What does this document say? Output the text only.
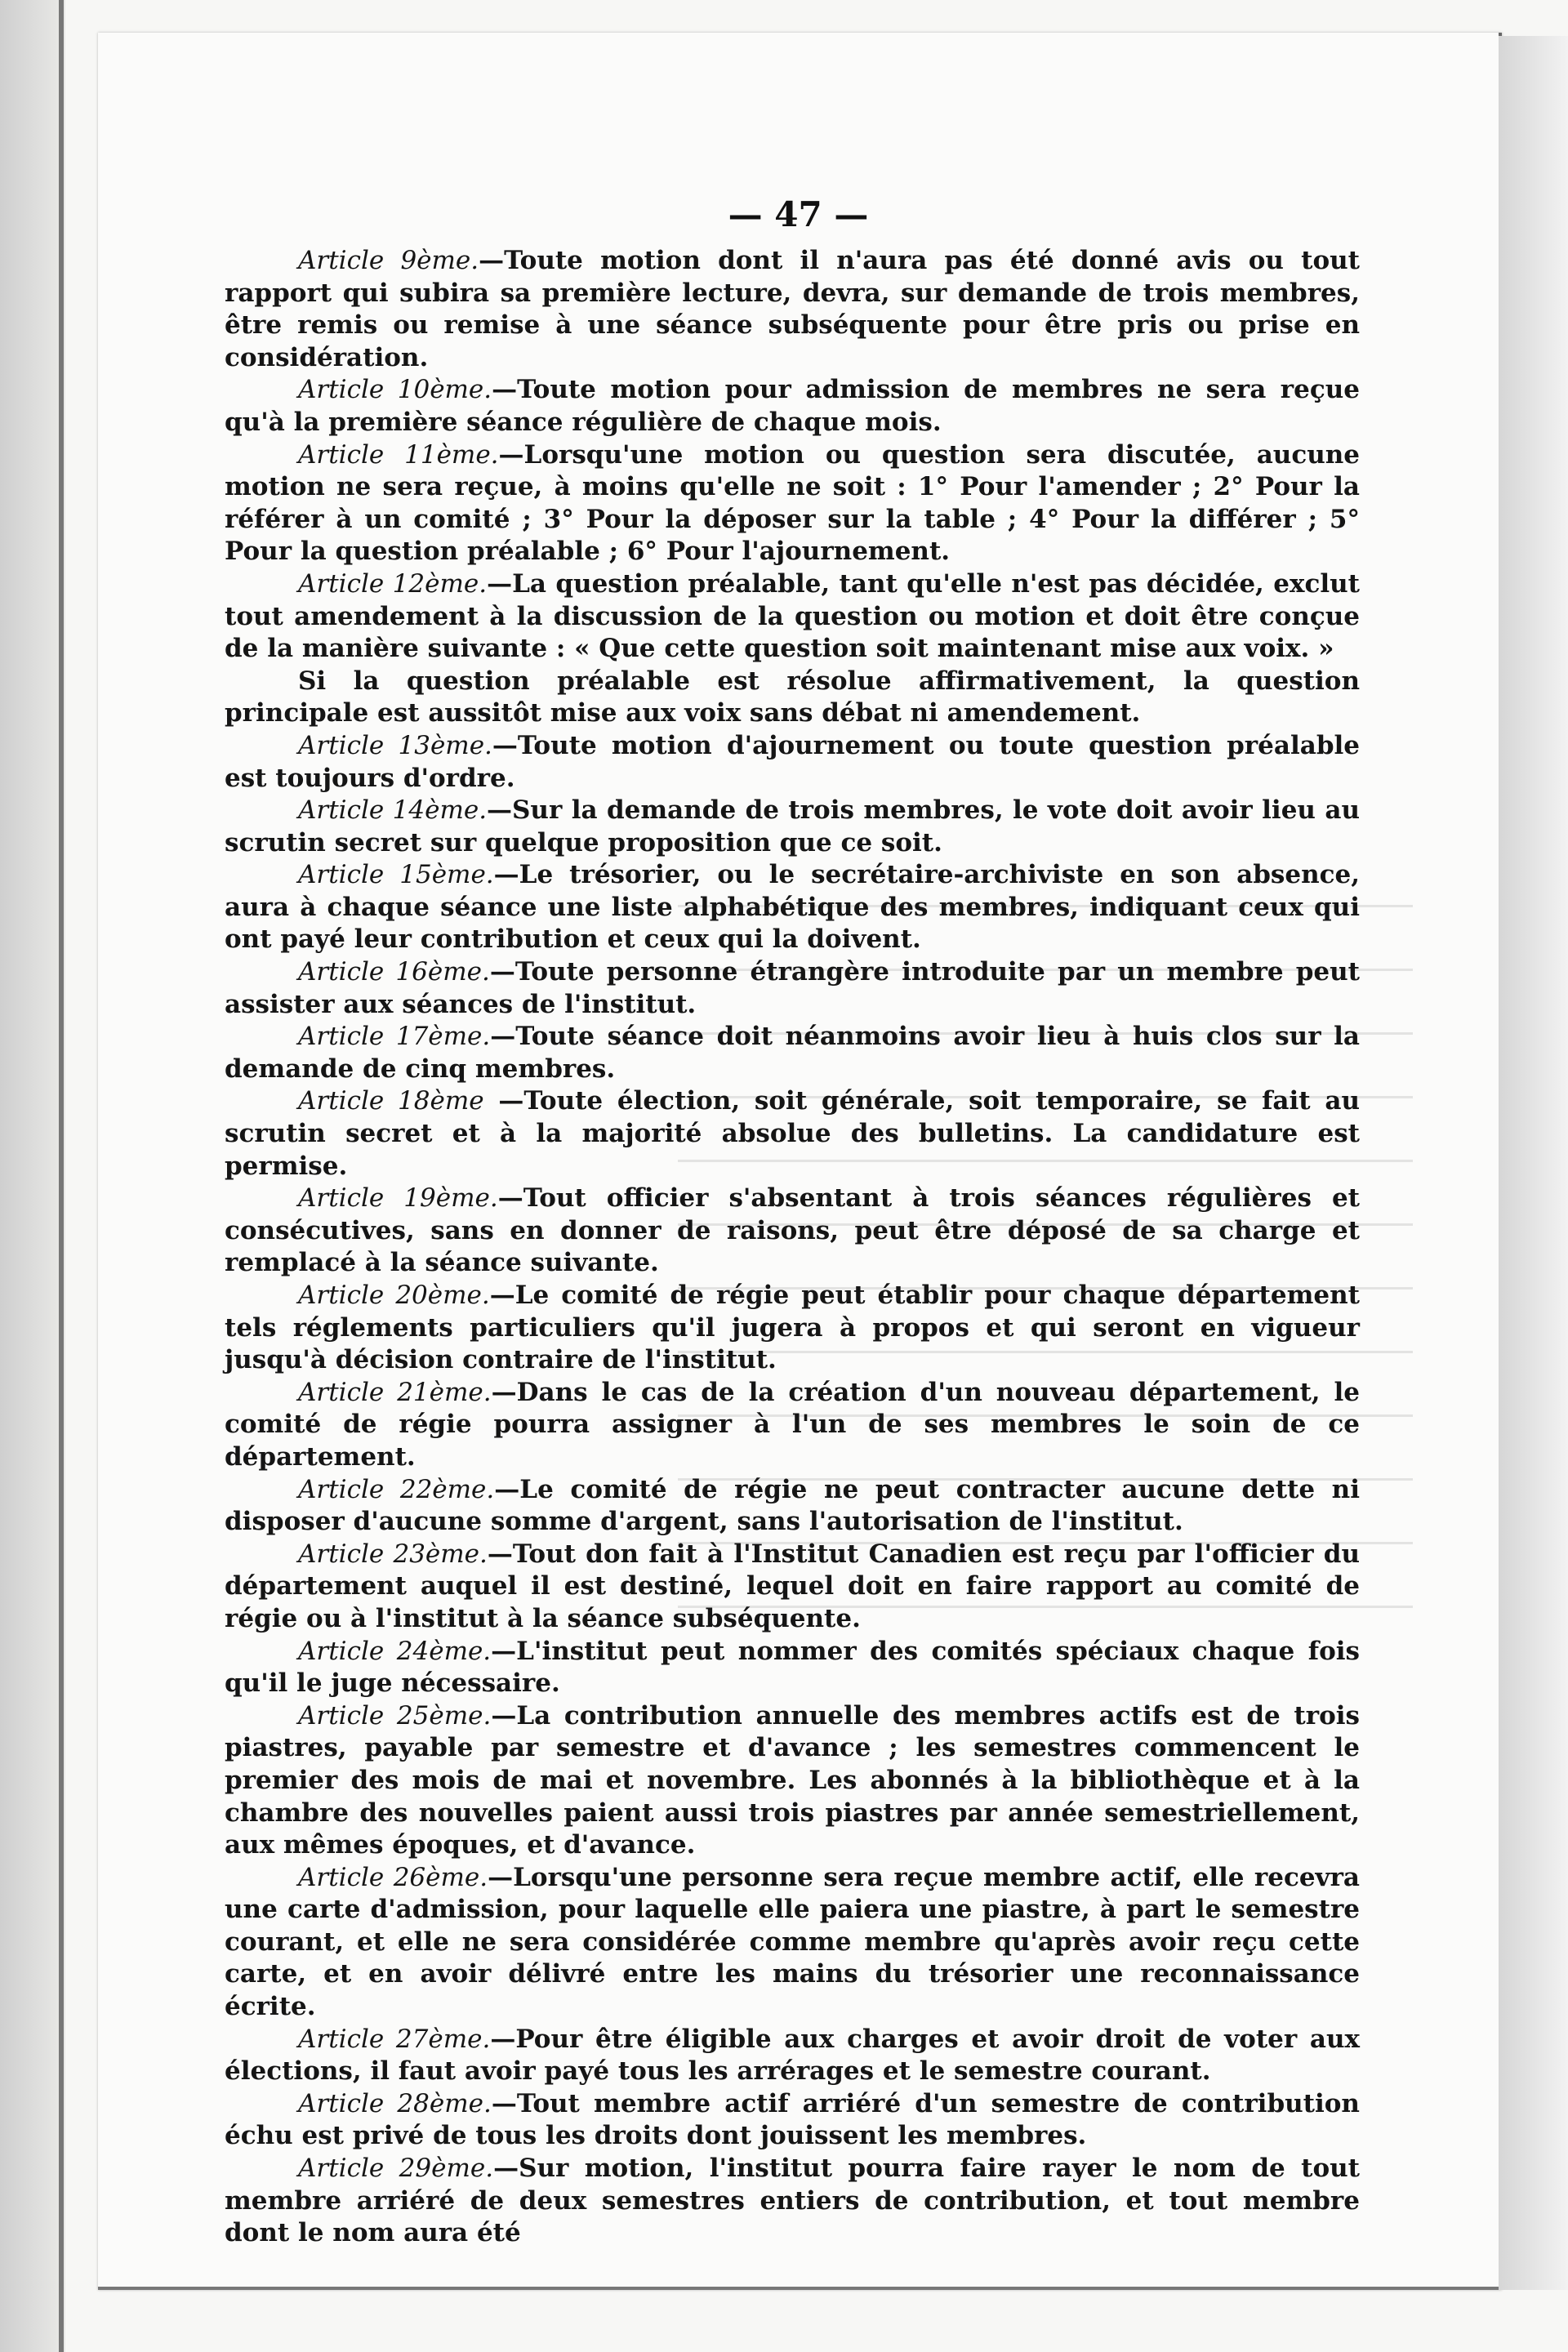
— 47 —

Article 9ème.—Toute motion dont il n'aura pas été donné avis ou tout rapport qui subira sa première lecture, devra, sur demande de trois membres, être remis ou remise à une séance subséquente pour être pris ou prise en considération.

Article 10ème.—Toute motion pour admission de membres ne sera reçue qu'à la première séance régulière de chaque mois.

Article 11ème.—Lorsqu'une motion ou question sera discutée, aucune motion ne sera reçue, à moins qu'elle ne soit : 1° Pour l'amender ; 2° Pour la référer à un comité ; 3° Pour la déposer sur la table ; 4° Pour la différer ; 5° Pour la question préalable ; 6° Pour l'ajournement.

Article 12ème.—La question préalable, tant qu'elle n'est pas décidée, exclut tout amendement à la discussion de la question ou motion et doit être conçue de la manière suivante : « Que cette question soit maintenant mise aux voix. »

Si la question préalable est résolue affirmativement, la question principale est aussitôt mise aux voix sans débat ni amendement.

Article 13ème.—Toute motion d'ajournement ou toute question préalable est toujours d'ordre.

Article 14ème.—Sur la demande de trois membres, le vote doit avoir lieu au scrutin secret sur quelque proposition que ce soit.

Article 15ème.—Le trésorier, ou le secrétaire-archiviste en son absence, aura à chaque séance une liste alphabétique des membres, indiquant ceux qui ont payé leur contribution et ceux qui la doivent.

Article 16ème.—Toute personne étrangère introduite par un membre peut assister aux séances de l'institut.

Article 17ème.—Toute séance doit néanmoins avoir lieu à huis clos sur la demande de cinq membres.

Article 18ème —Toute élection, soit générale, soit temporaire, se fait au scrutin secret et à la majorité absolue des bulletins. La candidature est permise.

Article 19ème.—Tout officier s'absentant à trois séances régulières et consécutives, sans en donner de raisons, peut être déposé de sa charge et remplacé à la séance suivante.

Article 20ème.—Le comité de régie peut établir pour chaque département tels réglements particuliers qu'il jugera à propos et qui seront en vigueur jusqu'à décision contraire de l'institut.

Article 21ème.—Dans le cas de la création d'un nouveau département, le comité de régie pourra assigner à l'un de ses membres le soin de ce département.

Article 22ème.—Le comité de régie ne peut contracter aucune dette ni disposer d'aucune somme d'argent, sans l'autorisation de l'institut.

Article 23ème.—Tout don fait à l'Institut Canadien est reçu par l'officier du département auquel il est destiné, lequel doit en faire rapport au comité de régie ou à l'institut à la séance subséquente.

Article 24ème.—L'institut peut nommer des comités spéciaux chaque fois qu'il le juge nécessaire.

Article 25ème.—La contribution annuelle des membres actifs est de trois piastres, payable par semestre et d'avance ; les semestres commencent le premier des mois de mai et novembre. Les abonnés à la bibliothèque et à la chambre des nouvelles paient aussi trois piastres par année semestriellement, aux mêmes époques, et d'avance.

Article 26ème.—Lorsqu'une personne sera reçue membre actif, elle recevra une carte d'admission, pour laquelle elle paiera une piastre, à part le semestre courant, et elle ne sera considérée comme membre qu'après avoir reçu cette carte, et en avoir délivré entre les mains du trésorier une reconnaissance écrite.

Article 27ème.—Pour être éligible aux charges et avoir droit de voter aux élections, il faut avoir payé tous les arrérages et le semestre courant.

Article 28ème.—Tout membre actif arriéré d'un semestre de contribution échu est privé de tous les droits dont jouissent les membres.

Article 29ème.—Sur motion, l'institut pourra faire rayer le nom de tout membre arriéré de deux semestres entiers de contribution, et tout membre dont le nom aura été
